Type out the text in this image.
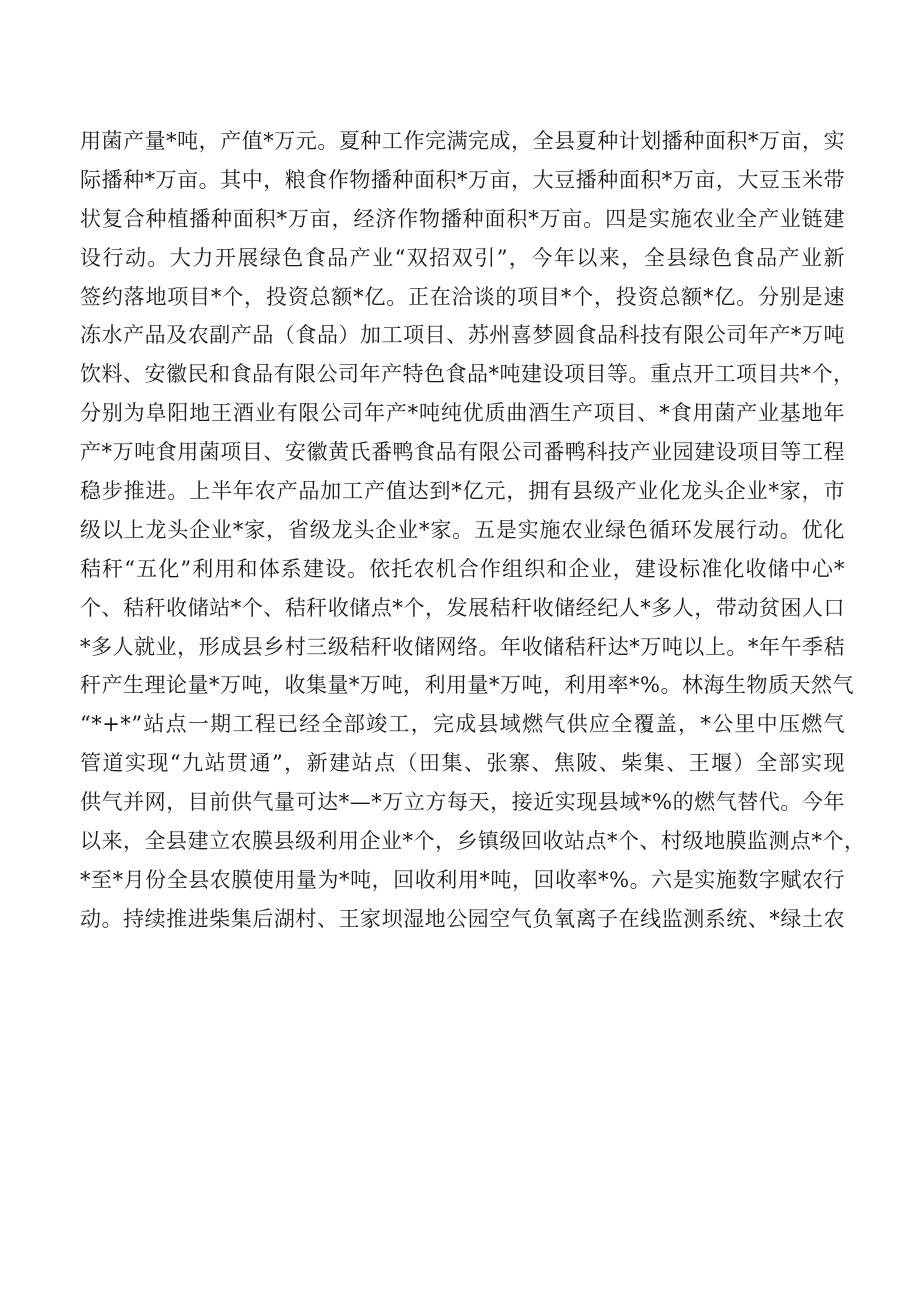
用菌产量*吨，产值*万元。夏种工作完满完成，全县夏种计划播种面积*万亩，实
际播种*万亩。其中，粮食作物播种面积*万亩，大豆播种面积*万亩，大豆玉米带
状复合种植播种面积*万亩，经济作物播种面积*万亩。四是实施农业全产业链建
设行动。大力开展绿色食品产业“双招双引”，今年以来，全县绿色食品产业新
签约落地项目*个，投资总额*亿。正在洽谈的项目*个，投资总额*亿。分别是速
冻水产品及农副产品（食品）加工项目、苏州喜梦圆食品科技有限公司年产*万吨
饮料、安徽民和食品有限公司年产特色食品*吨建设项目等。重点开工项目共*个，
分别为阜阳地王酒业有限公司年产*吨纯优质曲酒生产项目、*食用菌产业基地年
产*万吨食用菌项目、安徽黄氏番鸭食品有限公司番鸭科技产业园建设项目等工程
稳步推进。上半年农产品加工产值达到*亿元，拥有县级产业化龙头企业*家，市
级以上龙头企业*家，省级龙头企业*家。五是实施农业绿色循环发展行动。优化
秸秆“五化”利用和体系建设。依托农机合作组织和企业，建设标准化收储中心*
个、秸秆收储站*个、秸秆收储点*个，发展秸秆收储经纪人*多人，带动贫困人口
*多人就业，形成县乡村三级秸秆收储网络。年收储秸秆达*万吨以上。*年午季秸
秆产生理论量*万吨，收集量*万吨，利用量*万吨，利用率*%。林海生物质天然气
“*+*”站点一期工程已经全部竣工，完成县域燃气供应全覆盖，*公里中压燃气
管道实现“九站贯通”，新建站点（田集、张寨、焦陂、柴集、王堰）全部实现
供气并网，目前供气量可达*—*万立方每天，接近实现县域*%的燃气替代。今年
以来，全县建立农膜县级利用企业*个，乡镇级回收站点*个、村级地膜监测点*个，
*至*月份全县农膜使用量为*吨，回收利用*吨，回收率*%。六是实施数字赋农行
动。持续推进柴集后湖村、王家坝湿地公园空气负氧离子在线监测系统、*绿土农
